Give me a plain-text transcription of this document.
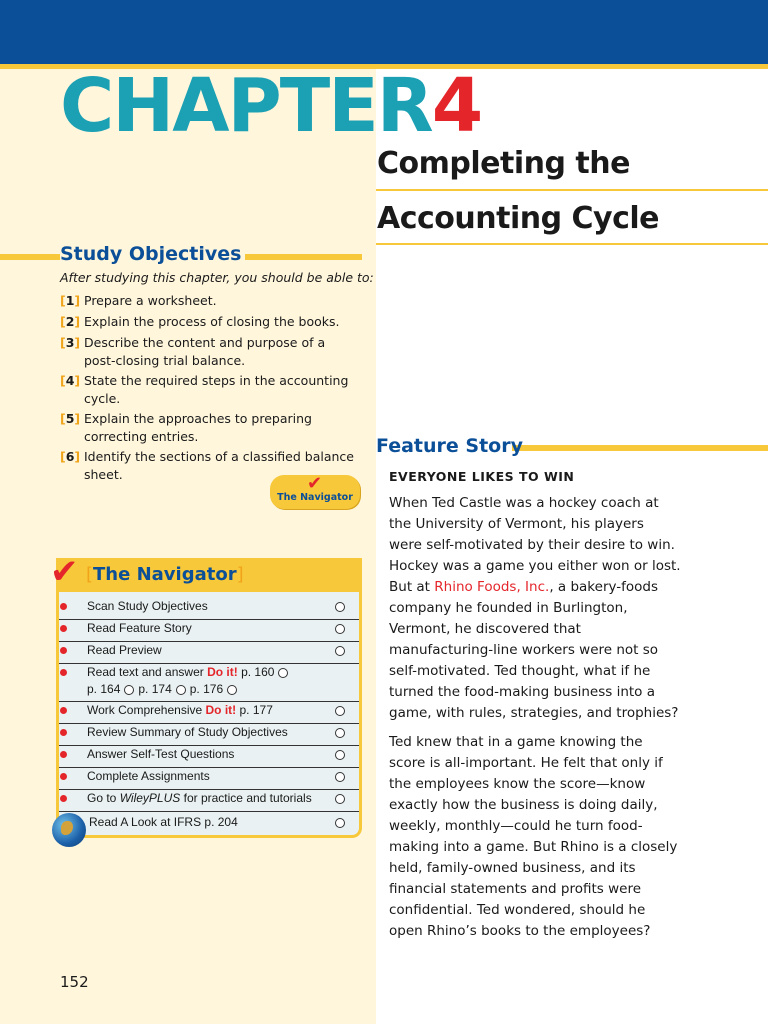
CHAPTER4
Completing the
Accounting Cycle
Study Objectives
After studying this chapter, you should be able to:
[1] Prepare a worksheet.
[2] Explain the process of closing the books.
[3] Describe the content and purpose of a post-closing trial balance.
[4] State the required steps in the accounting cycle.
[5] Explain the approaches to preparing correcting entries.
[6] Identify the sections of a classified balance sheet.	✔
The Navigator
✔ [The Navigator]
Scan Study Objectives
Read Feature Story
Read Preview
Read text and answer Do it! p. 160
p. 164 p. 174 p. 176
Work Comprehensive Do it! p. 177
Review Summary of Study Objectives
Answer Self-Test Questions
Complete Assignments
Go to WileyPLUS for practice and tutorials
Read A Look at IFRS p. 204
Feature Story
EVERYONE LIKES TO WIN
When Ted Castle was a hockey coach at the University of Vermont, his players were self-motivated by their desire to win. Hockey was a game you either won or lost. But at Rhino Foods, Inc., a bakery-foods company he founded in Burlington, Vermont, he discovered that manufacturing-line workers were not so self-motivated. Ted thought, what if he turned the food-making business into a game, with rules, strategies, and trophies?
Ted knew that in a game knowing the score is all-important. He felt that only if the employees know the score—know exactly how the business is doing daily, weekly, monthly—could he turn food-making into a game. But Rhino is a closely held, family-owned business, and its financial statements and profits were confidential. Ted wondered, should he open Rhino’s books to the employees?
152
